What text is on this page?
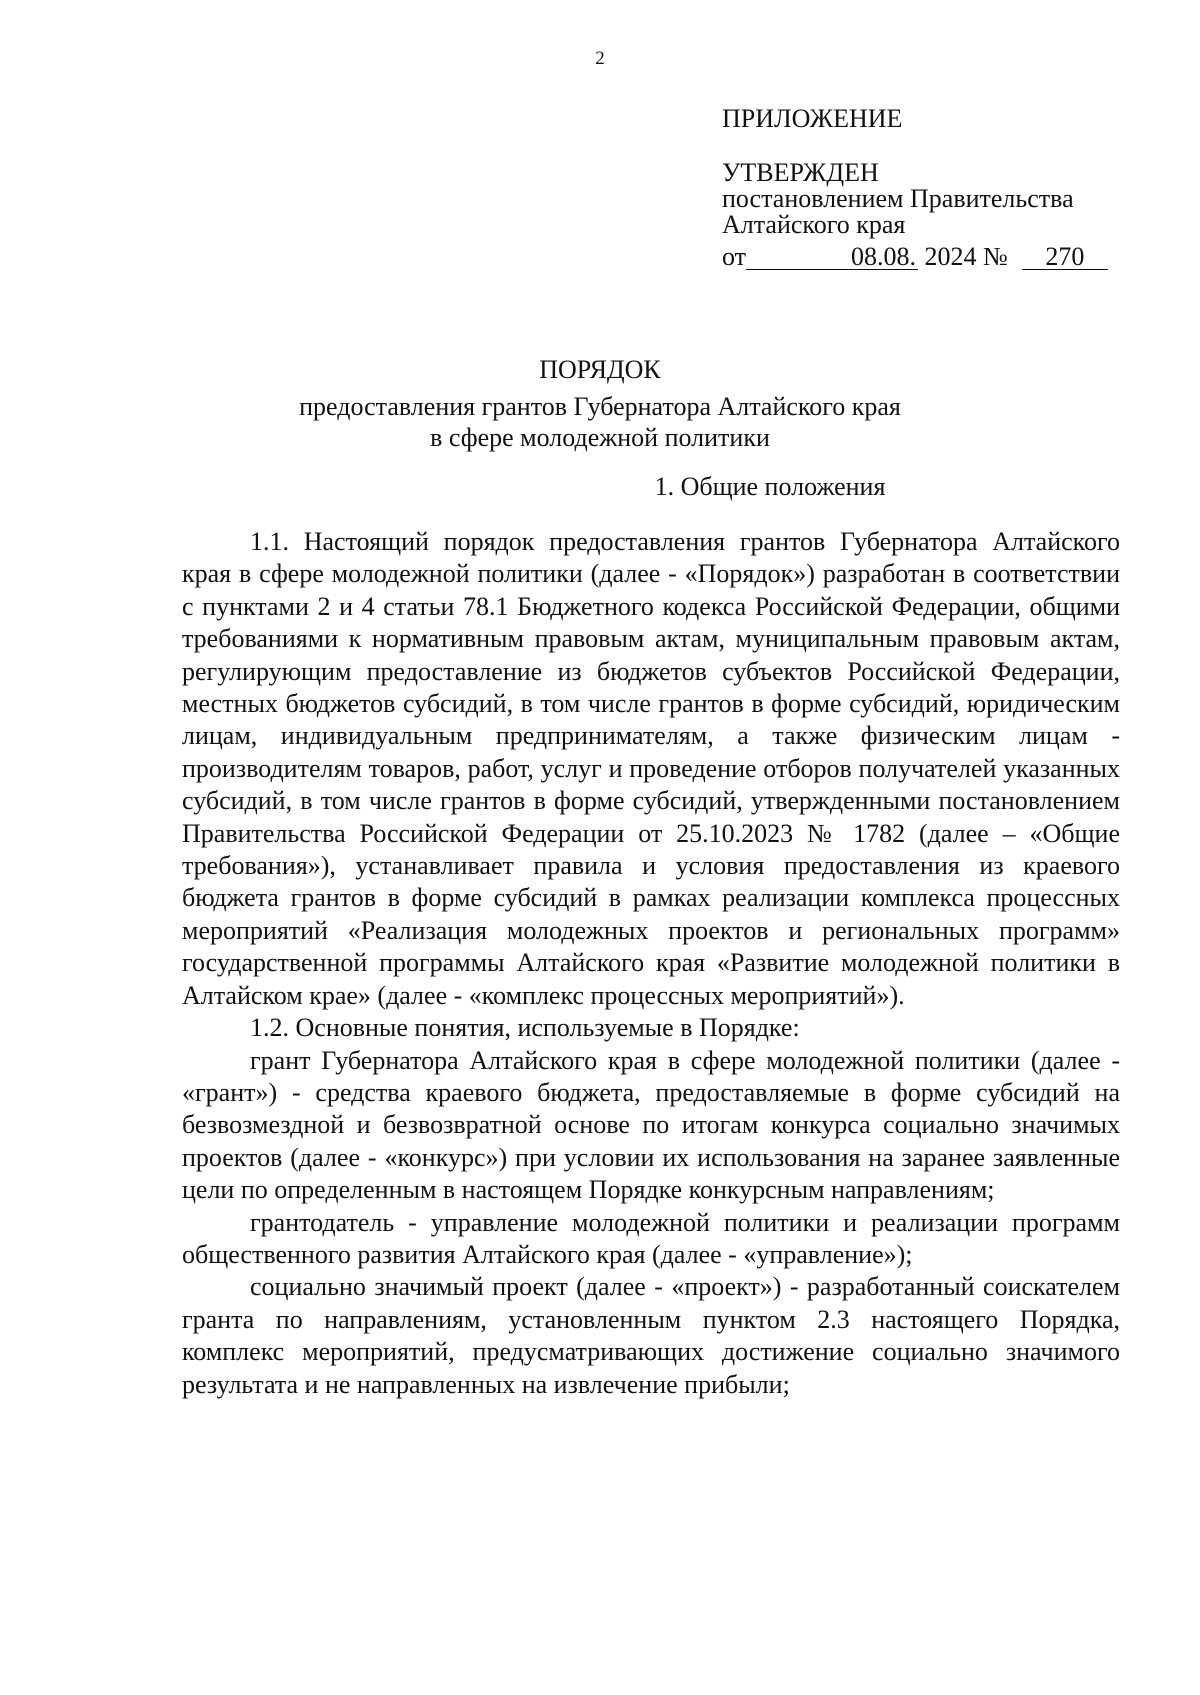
2
ПРИЛОЖЕНИЕ
УТВЕРЖДЕН
постановлением Правительства
Алтайского края
от	08.08. 2024 № 270
ПОРЯДОК
предоставления грантов Губернатора Алтайского края
в сфере молодежной политики
1. Общие положения

1.1. Настоящий порядок предоставления грантов Губернатора Алтайского края в сфере молодежной политики (далее - «Порядок») разработан в соответствии с пунктами 2 и 4 статьи 78.1 Бюджетного кодекса Российской Федерации, общими требованиями к нормативным правовым актам, муниципальным правовым актам, регулирующим предоставление из бюджетов субъектов Российской Федерации, местных бюджетов субсидий, в том числе грантов в форме субсидий, юридическим лицам, индивидуальным предпринимателям, а также физическим лицам - производителям товаров, работ, услуг и проведение отборов получателей указанных субсидий, в том числе грантов в форме субсидий, утвержденными постановлением Правительства Российской Федерации от 25.10.2023 № 1782 (далее – «Общие требования»), устанавливает правила и условия предоставления из краевого бюджета грантов в форме субсидий в рамках реализации комплекса процессных мероприятий «Реализация молодежных проектов и региональных программ» государственной программы Алтайского края «Развитие молодежной политики в Алтайском крае» (далее - «комплекс процессных мероприятий»).

1.2. Основные понятия, используемые в Порядке:

грант Губернатора Алтайского края в сфере молодежной политики (далее - «грант») - средства краевого бюджета, предоставляемые в форме субсидий на безвозмездной и безвозвратной основе по итогам конкурса социально значимых проектов (далее - «конкурс») при условии их использования на заранее заявленные цели по определенным в настоящем Порядке конкурсным направлениям;

грантодатель - управление молодежной политики и реализации программ общественного развития Алтайского края (далее - «управление»);

социально значимый проект (далее - «проект») - разработанный соискателем гранта по направлениям, установленным пунктом 2.3 настоящего Порядка, комплекс мероприятий, предусматривающих достижение социально значимого результата и не направленных на извлечение прибыли;
